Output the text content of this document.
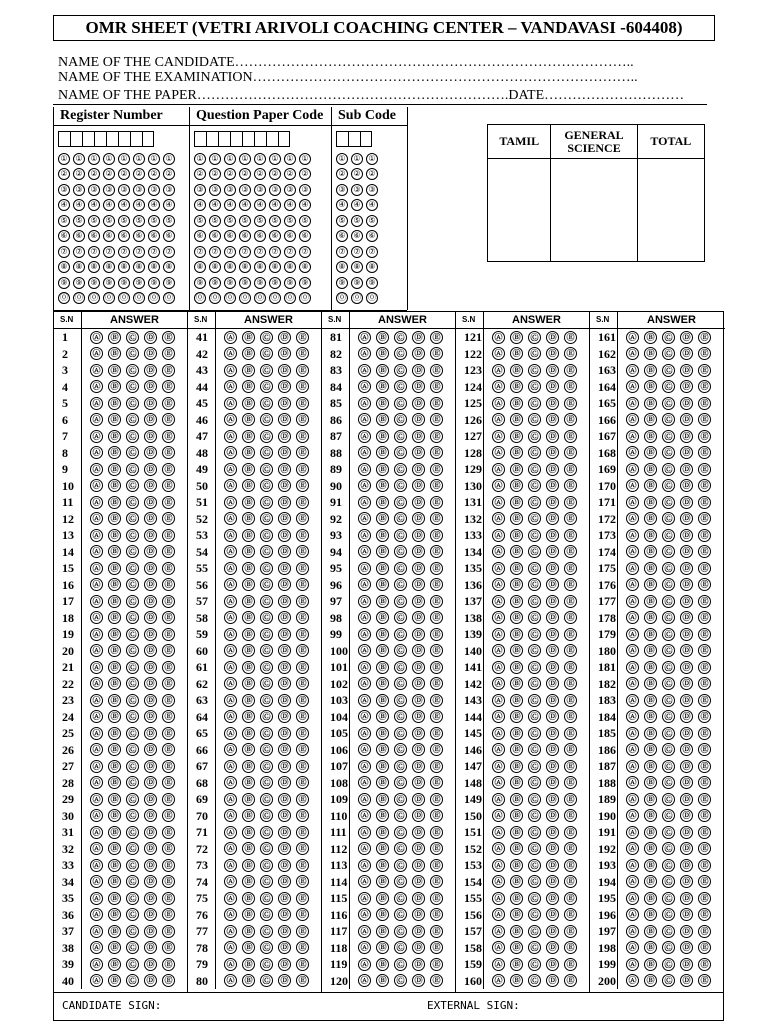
OMR SHEET (VETRI ARIVOLI COACHING CENTER – VANDAVASI -604408)
NAME OF THE CANDIDATE…………………………………………………………………………..
NAME OF THE EXAMINATION………………………………………………………………………..
NAME OF THE PAPER………………………………………………………….DATE…………………………
Register Number
① ① ① ① ① ① ① ①
② ② ② ② ② ② ② ②
③ ③ ③ ③ ③ ③ ③ ③
④ ④ ④ ④ ④ ④ ④ ④
⑤ ⑤ ⑤ ⑤ ⑤ ⑤ ⑤ ⑤
⑥ ⑥ ⑥ ⑥ ⑥ ⑥ ⑥ ⑥
⑦ ⑦ ⑦ ⑦ ⑦ ⑦ ⑦ ⑦
⑧ ⑧ ⑧ ⑧ ⑧ ⑧ ⑧ ⑧
⑨ ⑨ ⑨ ⑨ ⑨ ⑨ ⑨ ⑨
⓪ ⓪ ⓪ ⓪ ⓪ ⓪ ⓪ ⓪
Question Paper Code
① ① ① ① ① ① ① ①
② ② ② ② ② ② ② ②
③ ③ ③ ③ ③ ③ ③ ③
④ ④ ④ ④ ④ ④ ④ ④
⑤ ⑤ ⑤ ⑤ ⑤ ⑤ ⑤ ⑤
⑥ ⑥ ⑥ ⑥ ⑥ ⑥ ⑥ ⑥
⑦ ⑦ ⑦ ⑦ ⑦ ⑦ ⑦ ⑦
⑧ ⑧ ⑧ ⑧ ⑧ ⑧ ⑧ ⑧
⑨ ⑨ ⑨ ⑨ ⑨ ⑨ ⑨ ⑨
⓪ ⓪ ⓪ ⓪ ⓪ ⓪ ⓪ ⓪
Sub Code
① ① ①
② ② ②
③ ③ ③
④ ④ ④
⑤ ⑤ ⑤
⑥ ⑥ ⑥
⑦ ⑦ ⑦
⑧ ⑧ ⑧
⑨ ⑨ ⑨
⓪ ⓪ ⓪
TAMIL	GENERAL SCIENCE	TOTAL
S.N	ANSWER
1	Ⓐ	Ⓑ	Ⓒ	Ⓓ	Ⓔ
2	Ⓐ	Ⓑ	Ⓒ	Ⓓ	Ⓔ
3	Ⓐ	Ⓑ	Ⓒ	Ⓓ	Ⓔ
4	Ⓐ	Ⓑ	Ⓒ	Ⓓ	Ⓔ
5	Ⓐ	Ⓑ	Ⓒ	Ⓓ	Ⓔ
6	Ⓐ	Ⓑ	Ⓒ	Ⓓ	Ⓔ
7	Ⓐ	Ⓑ	Ⓒ	Ⓓ	Ⓔ
8	Ⓐ	Ⓑ	Ⓒ	Ⓓ	Ⓔ
9	Ⓐ	Ⓑ	Ⓒ	Ⓓ	Ⓔ
10	Ⓐ	Ⓑ	Ⓒ	Ⓓ	Ⓔ
11	Ⓐ	Ⓑ	Ⓒ	Ⓓ	Ⓔ
12	Ⓐ	Ⓑ	Ⓒ	Ⓓ	Ⓔ
13	Ⓐ	Ⓑ	Ⓒ	Ⓓ	Ⓔ
14	Ⓐ	Ⓑ	Ⓒ	Ⓓ	Ⓔ
15	Ⓐ	Ⓑ	Ⓒ	Ⓓ	Ⓔ
16	Ⓐ	Ⓑ	Ⓒ	Ⓓ	Ⓔ
17	Ⓐ	Ⓑ	Ⓒ	Ⓓ	Ⓔ
18	Ⓐ	Ⓑ	Ⓒ	Ⓓ	Ⓔ
19	Ⓐ	Ⓑ	Ⓒ	Ⓓ	Ⓔ
20	Ⓐ	Ⓑ	Ⓒ	Ⓓ	Ⓔ
21	Ⓐ	Ⓑ	Ⓒ	Ⓓ	Ⓔ
22	Ⓐ	Ⓑ	Ⓒ	Ⓓ	Ⓔ
23	Ⓐ	Ⓑ	Ⓒ	Ⓓ	Ⓔ
24	Ⓐ	Ⓑ	Ⓒ	Ⓓ	Ⓔ
25	Ⓐ	Ⓑ	Ⓒ	Ⓓ	Ⓔ
26	Ⓐ	Ⓑ	Ⓒ	Ⓓ	Ⓔ
27	Ⓐ	Ⓑ	Ⓒ	Ⓓ	Ⓔ
28	Ⓐ	Ⓑ	Ⓒ	Ⓓ	Ⓔ
29	Ⓐ	Ⓑ	Ⓒ	Ⓓ	Ⓔ
30	Ⓐ	Ⓑ	Ⓒ	Ⓓ	Ⓔ
31	Ⓐ	Ⓑ	Ⓒ	Ⓓ	Ⓔ
32	Ⓐ	Ⓑ	Ⓒ	Ⓓ	Ⓔ
33	Ⓐ	Ⓑ	Ⓒ	Ⓓ	Ⓔ
34	Ⓐ	Ⓑ	Ⓒ	Ⓓ	Ⓔ
35	Ⓐ	Ⓑ	Ⓒ	Ⓓ	Ⓔ
36	Ⓐ	Ⓑ	Ⓒ	Ⓓ	Ⓔ
37	Ⓐ	Ⓑ	Ⓒ	Ⓓ	Ⓔ
38	Ⓐ	Ⓑ	Ⓒ	Ⓓ	Ⓔ
39	Ⓐ	Ⓑ	Ⓒ	Ⓓ	Ⓔ
40	Ⓐ	Ⓑ	Ⓒ	Ⓓ	Ⓔ
S.N	ANSWER
41	Ⓐ	Ⓑ	Ⓒ	Ⓓ	Ⓔ
42	Ⓐ	Ⓑ	Ⓒ	Ⓓ	Ⓔ
43	Ⓐ	Ⓑ	Ⓒ	Ⓓ	Ⓔ
44	Ⓐ	Ⓑ	Ⓒ	Ⓓ	Ⓔ
45	Ⓐ	Ⓑ	Ⓒ	Ⓓ	Ⓔ
46	Ⓐ	Ⓑ	Ⓒ	Ⓓ	Ⓔ
47	Ⓐ	Ⓑ	Ⓒ	Ⓓ	Ⓔ
48	Ⓐ	Ⓑ	Ⓒ	Ⓓ	Ⓔ
49	Ⓐ	Ⓑ	Ⓒ	Ⓓ	Ⓔ
50	Ⓐ	Ⓑ	Ⓒ	Ⓓ	Ⓔ
51	Ⓐ	Ⓑ	Ⓒ	Ⓓ	Ⓔ
52	Ⓐ	Ⓑ	Ⓒ	Ⓓ	Ⓔ
53	Ⓐ	Ⓑ	Ⓒ	Ⓓ	Ⓔ
54	Ⓐ	Ⓑ	Ⓒ	Ⓓ	Ⓔ
55	Ⓐ	Ⓑ	Ⓒ	Ⓓ	Ⓔ
56	Ⓐ	Ⓑ	Ⓒ	Ⓓ	Ⓔ
57	Ⓐ	Ⓑ	Ⓒ	Ⓓ	Ⓔ
58	Ⓐ	Ⓑ	Ⓒ	Ⓓ	Ⓔ
59	Ⓐ	Ⓑ	Ⓒ	Ⓓ	Ⓔ
60	Ⓐ	Ⓑ	Ⓒ	Ⓓ	Ⓔ
61	Ⓐ	Ⓑ	Ⓒ	Ⓓ	Ⓔ
62	Ⓐ	Ⓑ	Ⓒ	Ⓓ	Ⓔ
63	Ⓐ	Ⓑ	Ⓒ	Ⓓ	Ⓔ
64	Ⓐ	Ⓑ	Ⓒ	Ⓓ	Ⓔ
65	Ⓐ	Ⓑ	Ⓒ	Ⓓ	Ⓔ
66	Ⓐ	Ⓑ	Ⓒ	Ⓓ	Ⓔ
67	Ⓐ	Ⓑ	Ⓒ	Ⓓ	Ⓔ
68	Ⓐ	Ⓑ	Ⓒ	Ⓓ	Ⓔ
69	Ⓐ	Ⓑ	Ⓒ	Ⓓ	Ⓔ
70	Ⓐ	Ⓑ	Ⓒ	Ⓓ	Ⓔ
71	Ⓐ	Ⓑ	Ⓒ	Ⓓ	Ⓔ
72	Ⓐ	Ⓑ	Ⓒ	Ⓓ	Ⓔ
73	Ⓐ	Ⓑ	Ⓒ	Ⓓ	Ⓔ
74	Ⓐ	Ⓑ	Ⓒ	Ⓓ	Ⓔ
75	Ⓐ	Ⓑ	Ⓒ	Ⓓ	Ⓔ
76	Ⓐ	Ⓑ	Ⓒ	Ⓓ	Ⓔ
77	Ⓐ	Ⓑ	Ⓒ	Ⓓ	Ⓔ
78	Ⓐ	Ⓑ	Ⓒ	Ⓓ	Ⓔ
79	Ⓐ	Ⓑ	Ⓒ	Ⓓ	Ⓔ
80	Ⓐ	Ⓑ	Ⓒ	Ⓓ	Ⓔ
S.N	ANSWER
81	Ⓐ	Ⓑ	Ⓒ	Ⓓ	Ⓔ
82	Ⓐ	Ⓑ	Ⓒ	Ⓓ	Ⓔ
83	Ⓐ	Ⓑ	Ⓒ	Ⓓ	Ⓔ
84	Ⓐ	Ⓑ	Ⓒ	Ⓓ	Ⓔ
85	Ⓐ	Ⓑ	Ⓒ	Ⓓ	Ⓔ
86	Ⓐ	Ⓑ	Ⓒ	Ⓓ	Ⓔ
87	Ⓐ	Ⓑ	Ⓒ	Ⓓ	Ⓔ
88	Ⓐ	Ⓑ	Ⓒ	Ⓓ	Ⓔ
89	Ⓐ	Ⓑ	Ⓒ	Ⓓ	Ⓔ
90	Ⓐ	Ⓑ	Ⓒ	Ⓓ	Ⓔ
91	Ⓐ	Ⓑ	Ⓒ	Ⓓ	Ⓔ
92	Ⓐ	Ⓑ	Ⓒ	Ⓓ	Ⓔ
93	Ⓐ	Ⓑ	Ⓒ	Ⓓ	Ⓔ
94	Ⓐ	Ⓑ	Ⓒ	Ⓓ	Ⓔ
95	Ⓐ	Ⓑ	Ⓒ	Ⓓ	Ⓔ
96	Ⓐ	Ⓑ	Ⓒ	Ⓓ	Ⓔ
97	Ⓐ	Ⓑ	Ⓒ	Ⓓ	Ⓔ
98	Ⓐ	Ⓑ	Ⓒ	Ⓓ	Ⓔ
99	Ⓐ	Ⓑ	Ⓒ	Ⓓ	Ⓔ
100	Ⓐ	Ⓑ	Ⓒ	Ⓓ	Ⓔ
101	Ⓐ	Ⓑ	Ⓒ	Ⓓ	Ⓔ
102	Ⓐ	Ⓑ	Ⓒ	Ⓓ	Ⓔ
103	Ⓐ	Ⓑ	Ⓒ	Ⓓ	Ⓔ
104	Ⓐ	Ⓑ	Ⓒ	Ⓓ	Ⓔ
105	Ⓐ	Ⓑ	Ⓒ	Ⓓ	Ⓔ
106	Ⓐ	Ⓑ	Ⓒ	Ⓓ	Ⓔ
107	Ⓐ	Ⓑ	Ⓒ	Ⓓ	Ⓔ
108	Ⓐ	Ⓑ	Ⓒ	Ⓓ	Ⓔ
109	Ⓐ	Ⓑ	Ⓒ	Ⓓ	Ⓔ
110	Ⓐ	Ⓑ	Ⓒ	Ⓓ	Ⓔ
111	Ⓐ	Ⓑ	Ⓒ	Ⓓ	Ⓔ
112	Ⓐ	Ⓑ	Ⓒ	Ⓓ	Ⓔ
113	Ⓐ	Ⓑ	Ⓒ	Ⓓ	Ⓔ
114	Ⓐ	Ⓑ	Ⓒ	Ⓓ	Ⓔ
115	Ⓐ	Ⓑ	Ⓒ	Ⓓ	Ⓔ
116	Ⓐ	Ⓑ	Ⓒ	Ⓓ	Ⓔ
117	Ⓐ	Ⓑ	Ⓒ	Ⓓ	Ⓔ
118	Ⓐ	Ⓑ	Ⓒ	Ⓓ	Ⓔ
119	Ⓐ	Ⓑ	Ⓒ	Ⓓ	Ⓔ
120	Ⓐ	Ⓑ	Ⓒ	Ⓓ	Ⓔ
S.N	ANSWER
121	Ⓐ	Ⓑ	Ⓒ	Ⓓ	Ⓔ
122	Ⓐ	Ⓑ	Ⓒ	Ⓓ	Ⓔ
123	Ⓐ	Ⓑ	Ⓒ	Ⓓ	Ⓔ
124	Ⓐ	Ⓑ	Ⓒ	Ⓓ	Ⓔ
125	Ⓐ	Ⓑ	Ⓒ	Ⓓ	Ⓔ
126	Ⓐ	Ⓑ	Ⓒ	Ⓓ	Ⓔ
127	Ⓐ	Ⓑ	Ⓒ	Ⓓ	Ⓔ
128	Ⓐ	Ⓑ	Ⓒ	Ⓓ	Ⓔ
129	Ⓐ	Ⓑ	Ⓒ	Ⓓ	Ⓔ
130	Ⓐ	Ⓑ	Ⓒ	Ⓓ	Ⓔ
131	Ⓐ	Ⓑ	Ⓒ	Ⓓ	Ⓔ
132	Ⓐ	Ⓑ	Ⓒ	Ⓓ	Ⓔ
133	Ⓐ	Ⓑ	Ⓒ	Ⓓ	Ⓔ
134	Ⓐ	Ⓑ	Ⓒ	Ⓓ	Ⓔ
135	Ⓐ	Ⓑ	Ⓒ	Ⓓ	Ⓔ
136	Ⓐ	Ⓑ	Ⓒ	Ⓓ	Ⓔ
137	Ⓐ	Ⓑ	Ⓒ	Ⓓ	Ⓔ
138	Ⓐ	Ⓑ	Ⓒ	Ⓓ	Ⓔ
139	Ⓐ	Ⓑ	Ⓒ	Ⓓ	Ⓔ
140	Ⓐ	Ⓑ	Ⓒ	Ⓓ	Ⓔ
141	Ⓐ	Ⓑ	Ⓒ	Ⓓ	Ⓔ
142	Ⓐ	Ⓑ	Ⓒ	Ⓓ	Ⓔ
143	Ⓐ	Ⓑ	Ⓒ	Ⓓ	Ⓔ
144	Ⓐ	Ⓑ	Ⓒ	Ⓓ	Ⓔ
145	Ⓐ	Ⓑ	Ⓒ	Ⓓ	Ⓔ
146	Ⓐ	Ⓑ	Ⓒ	Ⓓ	Ⓔ
147	Ⓐ	Ⓑ	Ⓒ	Ⓓ	Ⓔ
148	Ⓐ	Ⓑ	Ⓒ	Ⓓ	Ⓔ
149	Ⓐ	Ⓑ	Ⓒ	Ⓓ	Ⓔ
150	Ⓐ	Ⓑ	Ⓒ	Ⓓ	Ⓔ
151	Ⓐ	Ⓑ	Ⓒ	Ⓓ	Ⓔ
152	Ⓐ	Ⓑ	Ⓒ	Ⓓ	Ⓔ
153	Ⓐ	Ⓑ	Ⓒ	Ⓓ	Ⓔ
154	Ⓐ	Ⓑ	Ⓒ	Ⓓ	Ⓔ
155	Ⓐ	Ⓑ	Ⓒ	Ⓓ	Ⓔ
156	Ⓐ	Ⓑ	Ⓒ	Ⓓ	Ⓔ
157	Ⓐ	Ⓑ	Ⓒ	Ⓓ	Ⓔ
158	Ⓐ	Ⓑ	Ⓒ	Ⓓ	Ⓔ
159	Ⓐ	Ⓑ	Ⓒ	Ⓓ	Ⓔ
160	Ⓐ	Ⓑ	Ⓒ	Ⓓ	Ⓔ
S.N	ANSWER
161	Ⓐ	Ⓑ	Ⓒ	Ⓓ	Ⓔ
162	Ⓐ	Ⓑ	Ⓒ	Ⓓ	Ⓔ
163	Ⓐ	Ⓑ	Ⓒ	Ⓓ	Ⓔ
164	Ⓐ	Ⓑ	Ⓒ	Ⓓ	Ⓔ
165	Ⓐ	Ⓑ	Ⓒ	Ⓓ	Ⓔ
166	Ⓐ	Ⓑ	Ⓒ	Ⓓ	Ⓔ
167	Ⓐ	Ⓑ	Ⓒ	Ⓓ	Ⓔ
168	Ⓐ	Ⓑ	Ⓒ	Ⓓ	Ⓔ
169	Ⓐ	Ⓑ	Ⓒ	Ⓓ	Ⓔ
170	Ⓐ	Ⓑ	Ⓒ	Ⓓ	Ⓔ
171	Ⓐ	Ⓑ	Ⓒ	Ⓓ	Ⓔ
172	Ⓐ	Ⓑ	Ⓒ	Ⓓ	Ⓔ
173	Ⓐ	Ⓑ	Ⓒ	Ⓓ	Ⓔ
174	Ⓐ	Ⓑ	Ⓒ	Ⓓ	Ⓔ
175	Ⓐ	Ⓑ	Ⓒ	Ⓓ	Ⓔ
176	Ⓐ	Ⓑ	Ⓒ	Ⓓ	Ⓔ
177	Ⓐ	Ⓑ	Ⓒ	Ⓓ	Ⓔ
178	Ⓐ	Ⓑ	Ⓒ	Ⓓ	Ⓔ
179	Ⓐ	Ⓑ	Ⓒ	Ⓓ	Ⓔ
180	Ⓐ	Ⓑ	Ⓒ	Ⓓ	Ⓔ
181	Ⓐ	Ⓑ	Ⓒ	Ⓓ	Ⓔ
182	Ⓐ	Ⓑ	Ⓒ	Ⓓ	Ⓔ
183	Ⓐ	Ⓑ	Ⓒ	Ⓓ	Ⓔ
184	Ⓐ	Ⓑ	Ⓒ	Ⓓ	Ⓔ
185	Ⓐ	Ⓑ	Ⓒ	Ⓓ	Ⓔ
186	Ⓐ	Ⓑ	Ⓒ	Ⓓ	Ⓔ
187	Ⓐ	Ⓑ	Ⓒ	Ⓓ	Ⓔ
188	Ⓐ	Ⓑ	Ⓒ	Ⓓ	Ⓔ
189	Ⓐ	Ⓑ	Ⓒ	Ⓓ	Ⓔ
190	Ⓐ	Ⓑ	Ⓒ	Ⓓ	Ⓔ
191	Ⓐ	Ⓑ	Ⓒ	Ⓓ	Ⓔ
192	Ⓐ	Ⓑ	Ⓒ	Ⓓ	Ⓔ
193	Ⓐ	Ⓑ	Ⓒ	Ⓓ	Ⓔ
194	Ⓐ	Ⓑ	Ⓒ	Ⓓ	Ⓔ
195	Ⓐ	Ⓑ	Ⓒ	Ⓓ	Ⓔ
196	Ⓐ	Ⓑ	Ⓒ	Ⓓ	Ⓔ
197	Ⓐ	Ⓑ	Ⓒ	Ⓓ	Ⓔ
198	Ⓐ	Ⓑ	Ⓒ	Ⓓ	Ⓔ
199	Ⓐ	Ⓑ	Ⓒ	Ⓓ	Ⓔ
200	Ⓐ	Ⓑ	Ⓒ	Ⓓ	Ⓔ
CANDIDATE SIGN:	EXTERNAL SIGN:
